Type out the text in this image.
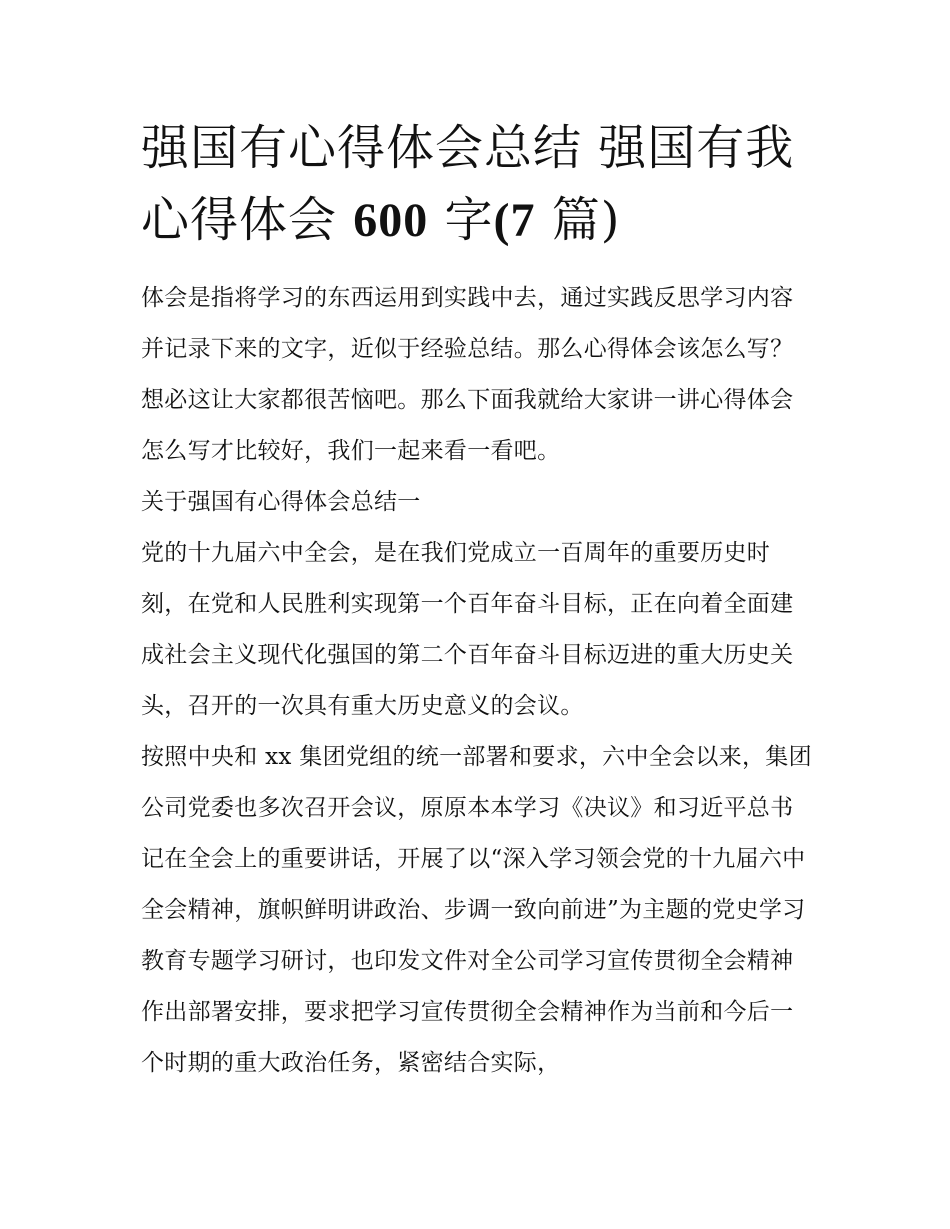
强国有心得体会总结 强国有我
心得体会 600 字(7 篇)

体会是指将学习的东西运用到实践中去，通过实践反思学习内容并记录下来的文字，近似于经验总结。那么心得体会该怎么写？想必这让大家都很苦恼吧。那么下面我就给大家讲一讲心得体会怎么写才比较好，我们一起来看一看吧。

关于强国有心得体会总结一

党的十九届六中全会，是在我们党成立一百周年的重要历史时刻，在党和人民胜利实现第一个百年奋斗目标，正在向着全面建成社会主义现代化强国的第二个百年奋斗目标迈进的重大历史关头，召开的一次具有重大历史意义的会议。

按照中央和 xx 集团党组的统一部署和要求，六中全会以来，集团公司党委也多次召开会议，原原本本学习《决议》和习近平总书记在全会上的重要讲话，开展了以“深入学习领会党的十九届六中全会精神，旗帜鲜明讲政治、步调一致向前进”为主题的党史学习教育专题学习研讨，也印发文件对全公司学习宣传贯彻全会精神作出部署安排，要求把学习宣传贯彻全会精神作为当前和今后一个时期的重大政治任务，紧密结合实际，
